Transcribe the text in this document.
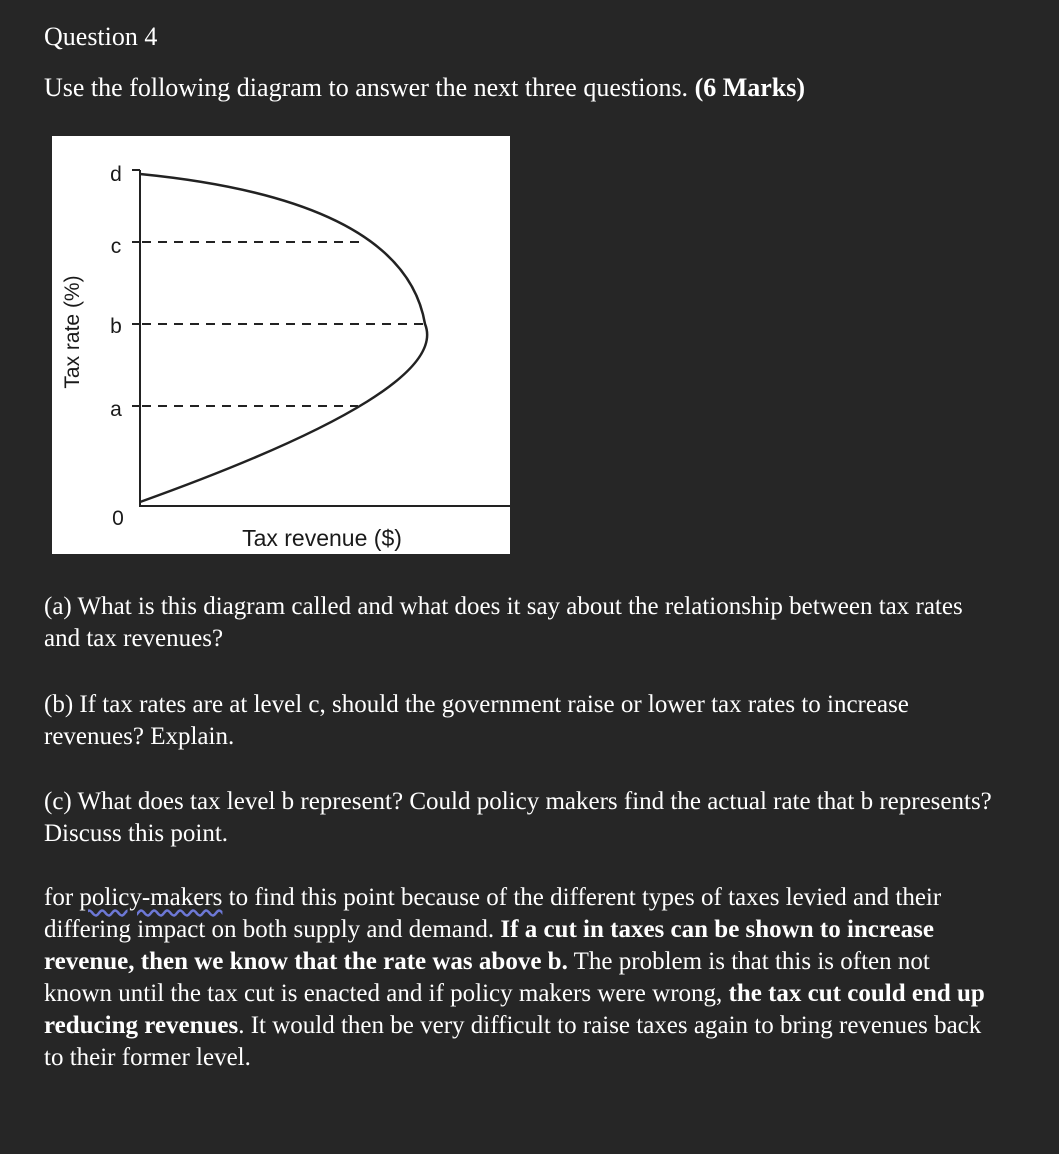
Question 4
Use the following diagram to answer the next three questions. (6 Marks)
d
c
b
a
0
Tax revenue ($)
Tax rate (%)
(a) What is this diagram called and what does it say about the relationship between tax rates and tax revenues?
(b) If tax rates are at level c, should the government raise or lower tax rates to increase revenues? Explain.
(c) What does tax level b represent? Could policy makers find the actual rate that b represents? Discuss this point.
for policy-makers to find this point because of the different types of taxes levied and their differing impact on both supply and demand. If a cut in taxes can be shown to increase revenue, then we know that the rate was above b. The problem is that this is often not known until the tax cut is enacted and if policy makers were wrong, the tax cut could end up reducing revenues. It would then be very difficult to raise taxes again to bring revenues back to their former level.
